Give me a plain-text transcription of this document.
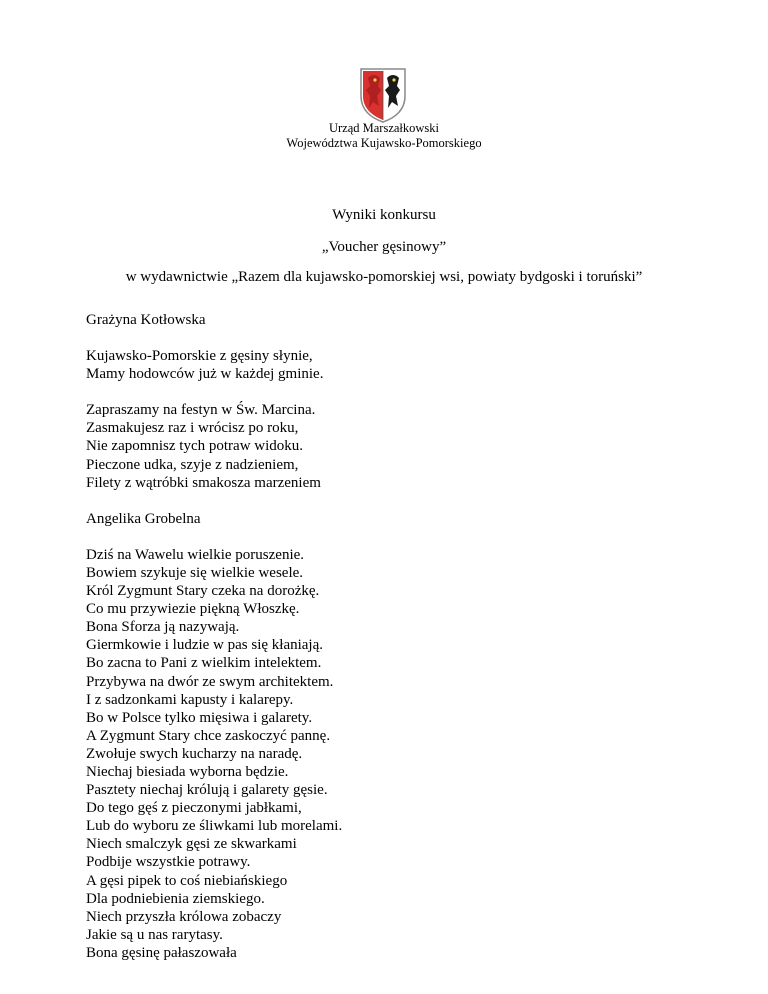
Urząd Marszałkowski
Województwa Kujawsko-Pomorskiego
Wyniki konkursu
„Voucher gęsinowy”
w wydawnictwie „Razem dla kujawsko-pomorskiej wsi, powiaty bydgoski i toruński”
Grażyna Kotłowska
Kujawsko-Pomorskie z gęsiny słynie,
Mamy hodowców już w każdej gminie.
Zapraszamy na festyn w Św. Marcina.
Zasmakujesz raz i wrócisz po roku,
Nie zapomnisz tych potraw widoku.
Pieczone udka, szyje z nadzieniem,
Filety z wątróbki smakosza marzeniem
Angelika Grobelna
Dziś na Wawelu wielkie poruszenie.
Bowiem szykuje się wielkie wesele.
Król Zygmunt Stary czeka na dorożkę.
Co mu przywiezie piękną Włoszkę.
Bona Sforza ją nazywają.
Giermkowie i ludzie w pas się kłaniają.
Bo zacna to Pani z wielkim intelektem.
Przybywa na dwór ze swym architektem.
I z sadzonkami kapusty i kalarepy.
Bo w Polsce tylko mięsiwa i galarety.
A Zygmunt Stary chce zaskoczyć pannę.
Zwołuje swych kucharzy na naradę.
Niechaj biesiada wyborna będzie.
Pasztety niechaj królują i galarety gęsie.
Do tego gęś z pieczonymi jabłkami,
Lub do wyboru ze śliwkami lub morelami.
Niech smalczyk gęsi ze skwarkami
Podbije wszystkie potrawy.
A gęsi pipek to coś niebiańskiego
Dla podniebienia ziemskiego.
Niech przyszła królowa zobaczy
Jakie są u nas rarytasy.
Bona gęsinę pałaszowała
